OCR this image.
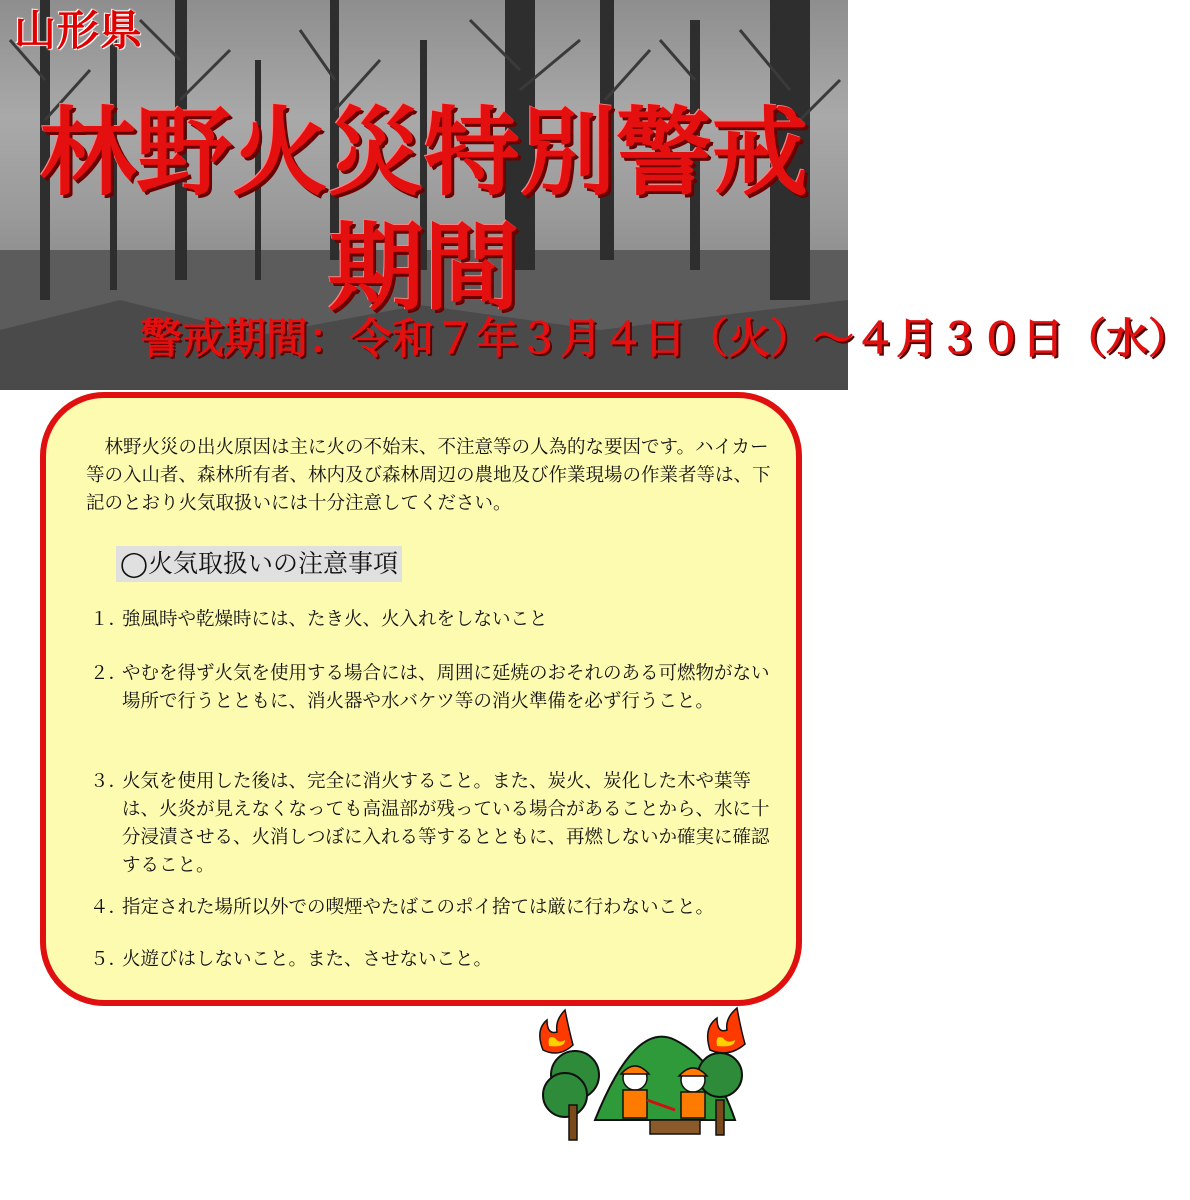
山形県
林野火災特別警戒期間
警戒期間：令和７年３月４日（火）～４月３０日（水）

林野火災の出火原因は主に火の不始末、不注意等の人為的な要因です。ハイカー等の入山者、森林所有者、林内及び森林周辺の農地及び作業現場の作業者等は、下記のとおり火気取扱いには十分注意してください。

◯火気取扱いの注意事項
１．
強風時や乾燥時には、たき火、火入れをしないこと
２．
やむを得ず火気を使用する場合には、周囲に延焼のおそれのある可燃物がない場所で行うとともに、消火器や水バケツ等の消火準備を必ず行うこと。
３．
火気を使用した後は、完全に消火すること。また、炭火、炭化した木や葉等は、火炎が見えなくなっても高温部が残っている場合があることから、水に十分浸漬させる、火消しつぼに入れる等するとともに、再燃しないか確実に確認すること。
４．
指定された場所以外での喫煙やたばこのポイ捨ては厳に行わないこと。
５．
火遊びはしないこと。また、させないこと。
